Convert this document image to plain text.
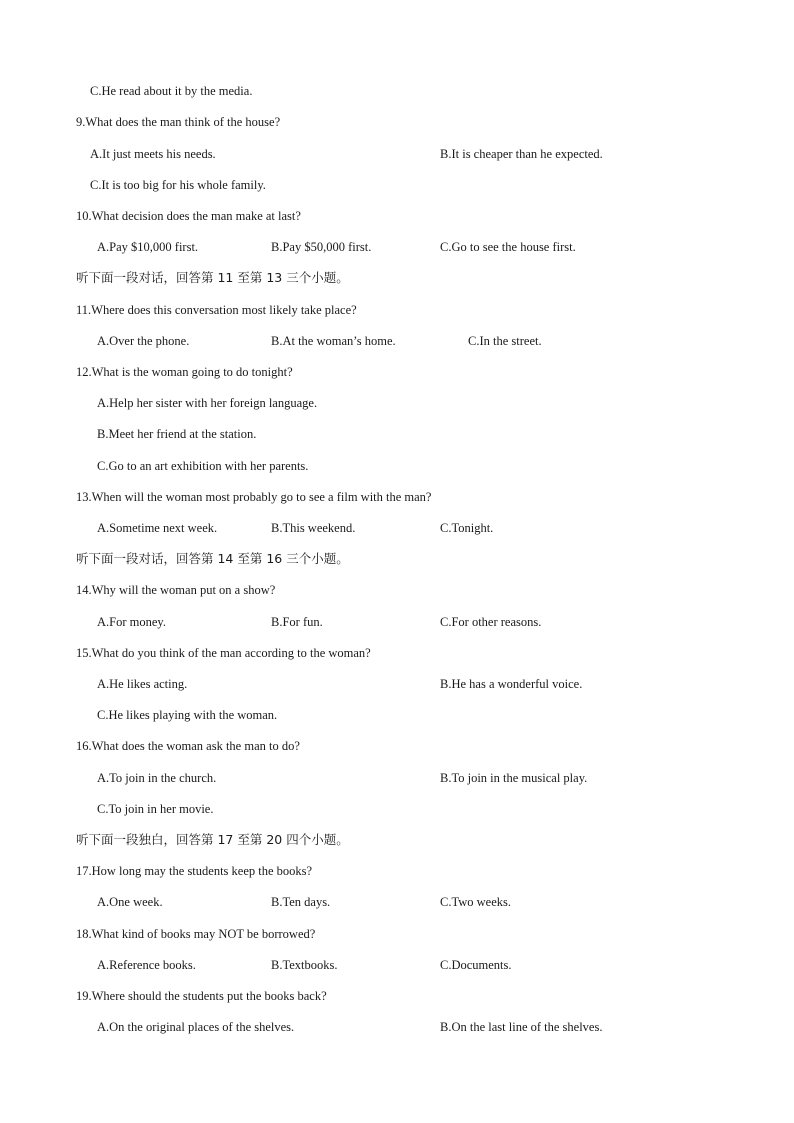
C.He read about it by the media.
9.What does the man think of the house?
A.It just meets his needs.	B.It is cheaper than he expected.
C.It is too big for his whole family.
10.What decision does the man make at last?
A.Pay $10,000 first.	B.Pay $50,000 first.	C.Go to see the house first.
听下面一段对话，回答第 11 至第 13 三个小题。
11.Where does this conversation most likely take place?
A.Over the phone.	B.At the woman’s home.	C.In the street.
12.What is the woman going to do tonight?
A.Help her sister with her foreign language.
B.Meet her friend at the station.
C.Go to an art exhibition with her parents.
13.When will the woman most probably go to see a film with the man?
A.Sometime next week.	B.This weekend.	C.Tonight.
听下面一段对话，回答第 14 至第 16 三个小题。
14.Why will the woman put on a show?
A.For money.	B.For fun.	C.For other reasons.
15.What do you think of the man according to the woman?
A.He likes acting.	B.He has a wonderful voice.
C.He likes playing with the woman.
16.What does the woman ask the man to do?
A.To join in the church.	B.To join in the musical play.
C.To join in her movie.
听下面一段独白，回答第 17 至第 20 四个小题。
17.How long may the students keep the books?
A.One week.	B.Ten days.	C.Two weeks.
18.What kind of books may NOT be borrowed?
A.Reference books.	B.Textbooks.	C.Documents.
19.Where should the students put the books back?
A.On the original places of the shelves.	B.On the last line of the shelves.
